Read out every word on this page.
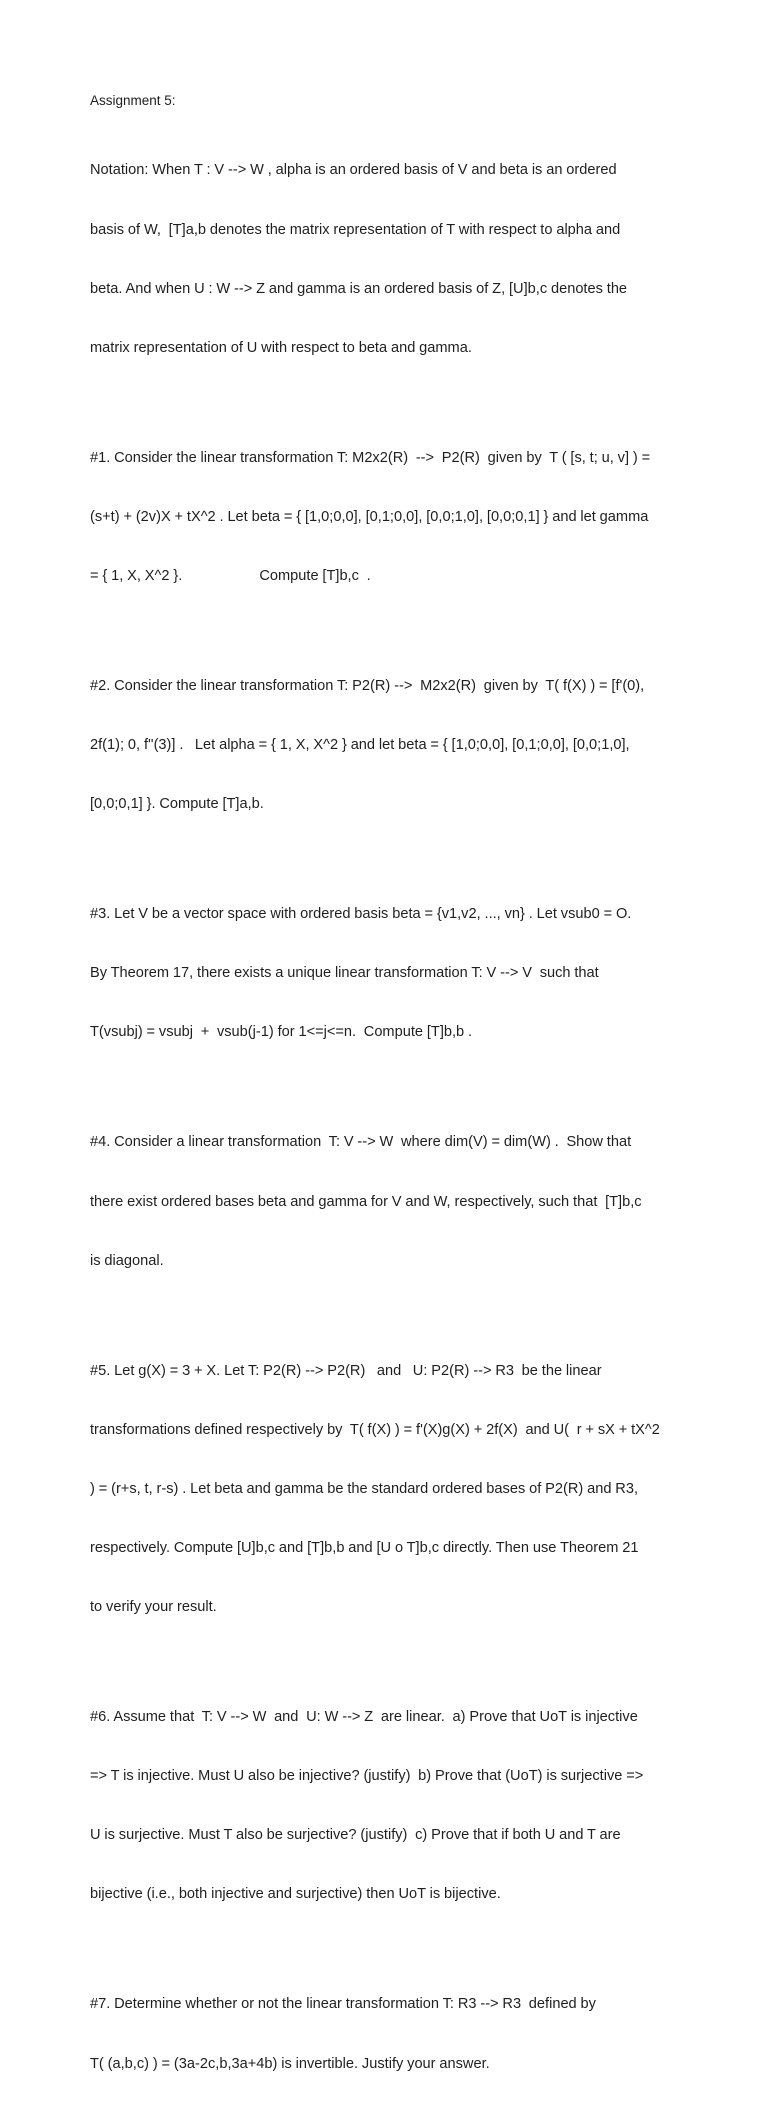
Assignment 5:

Notation: When T : V --> W , alpha is an ordered basis of V and beta is an ordered

basis of W,  [T]a,b denotes the matrix representation of T with respect to alpha and

beta. And when U : W --> Z and gamma is an ordered basis of Z, [U]b,c denotes the

matrix representation of U with respect to beta and gamma.

#1. Consider the linear transformation T: M2x2(R)  -->  P2(R)  given by  T ( [s, t; u, v] ) =

(s+t) + (2v)X + tX^2 . Let beta = { [1,0;0,0], [0,1;0,0], [0,0;1,0], [0,0;0,1] } and let gamma

= { 1, X, X^2 }.                    Compute [T]b,c  .

#2. Consider the linear transformation T: P2(R) -->  M2x2(R)  given by  T( f(X) ) = [f'(0),

2f(1); 0, f''(3)] .   Let alpha = { 1, X, X^2 } and let beta = { [1,0;0,0], [0,1;0,0], [0,0;1,0],

[0,0;0,1] }. Compute [T]a,b.

#3. Let V be a vector space with ordered basis beta = {v1,v2, ..., vn} . Let vsub0 = O.

By Theorem 17, there exists a unique linear transformation T: V --> V  such that

T(vsubj) = vsubj  +  vsub(j-1) for 1<=j<=n.  Compute [T]b,b .

#4. Consider a linear transformation  T: V --> W  where dim(V) = dim(W) .  Show that

there exist ordered bases beta and gamma for V and W, respectively, such that  [T]b,c

is diagonal.

#5. Let g(X) = 3 + X. Let T: P2(R) --> P2(R)   and   U: P2(R) --> R3  be the linear

transformations defined respectively by  T( f(X) ) = f'(X)g(X) + 2f(X)  and U(  r + sX + tX^2

) = (r+s, t, r-s) . Let beta and gamma be the standard ordered bases of P2(R) and R3,

respectively. Compute [U]b,c and [T]b,b and [U o T]b,c directly. Then use Theorem 21

to verify your result.

#6. Assume that  T: V --> W  and  U: W --> Z  are linear.  a) Prove that UoT is injective

=> T is injective. Must U also be injective? (justify)  b) Prove that (UoT) is surjective =>

U is surjective. Must T also be surjective? (justify)  c) Prove that if both U and T are

bijective (i.e., both injective and surjective) then UoT is bijective.

#7. Determine whether or not the linear transformation T: R3 --> R3  defined by

T( (a,b,c) ) = (3a-2c,b,3a+4b) is invertible. Justify your answer.
